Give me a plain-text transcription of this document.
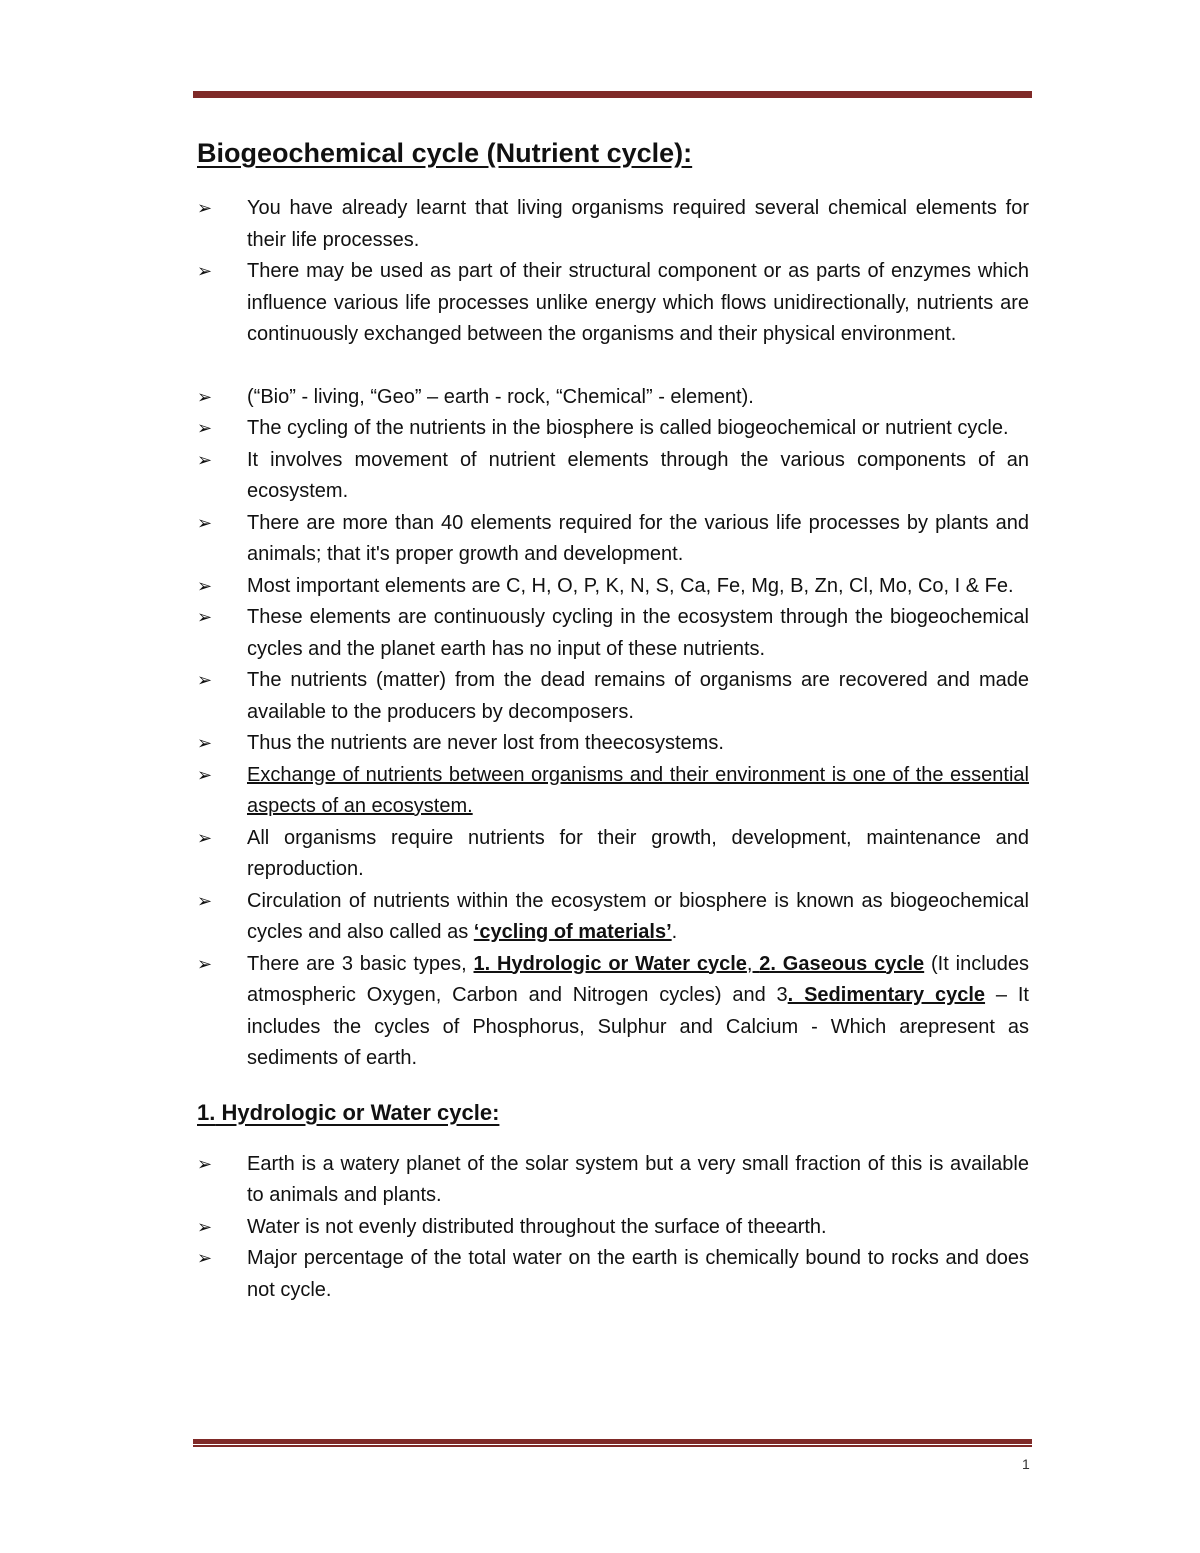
Biogeochemical cycle (Nutrient cycle):
➢ You have already learnt that living organisms required several chemical elements for their life processes.
➢ There may be used as part of their structural component or as parts of enzymes which influence various life processes unlike energy which flows unidirectionally, nutrients are continuously exchanged between the organisms and their physical environment.
➢ (“Bio” - living, “Geo” – earth - rock, “Chemical” - element).
➢ The cycling of the nutrients in the biosphere is called biogeochemical or nutrient cycle.
➢ It involves movement of nutrient elements through the various components of an ecosystem.
➢ There are more than 40 elements required for the various life processes by plants and animals; that it's proper growth and development.
➢ Most important elements are C, H, O, P, K, N, S, Ca, Fe, Mg, B, Zn, Cl, Mo, Co, I & Fe.
➢ These elements are continuously cycling in the ecosystem through the biogeochemical cycles and the planet earth has no input of these nutrients.
➢ The nutrients (matter) from the dead remains of organisms are recovered and made available to the producers by decomposers.
➢ Thus the nutrients are never lost from theecosystems.
➢ Exchange of nutrients between organisms and their environment is one of the essential aspects of an ecosystem.
➢ All organisms require nutrients for their growth, development, maintenance and reproduction.
➢ Circulation of nutrients within the ecosystem or biosphere is known as biogeochemical cycles and also called as ‘cycling of materials’.
➢ There are 3 basic types, 1. Hydrologic or Water cycle, 2. Gaseous cycle (It includes atmospheric Oxygen, Carbon and Nitrogen cycles) and 3. Sedimentary cycle – It includes the cycles of Phosphorus, Sulphur and Calcium - Which arepresent as sediments of earth.
1. Hydrologic or Water cycle:
➢ Earth is a watery planet of the solar system but a very small fraction of this is available to animals and plants.
➢ Water is not evenly distributed throughout the surface of theearth.
➢ Major percentage of the total water on the earth is chemically bound to rocks and does not cycle.
1
